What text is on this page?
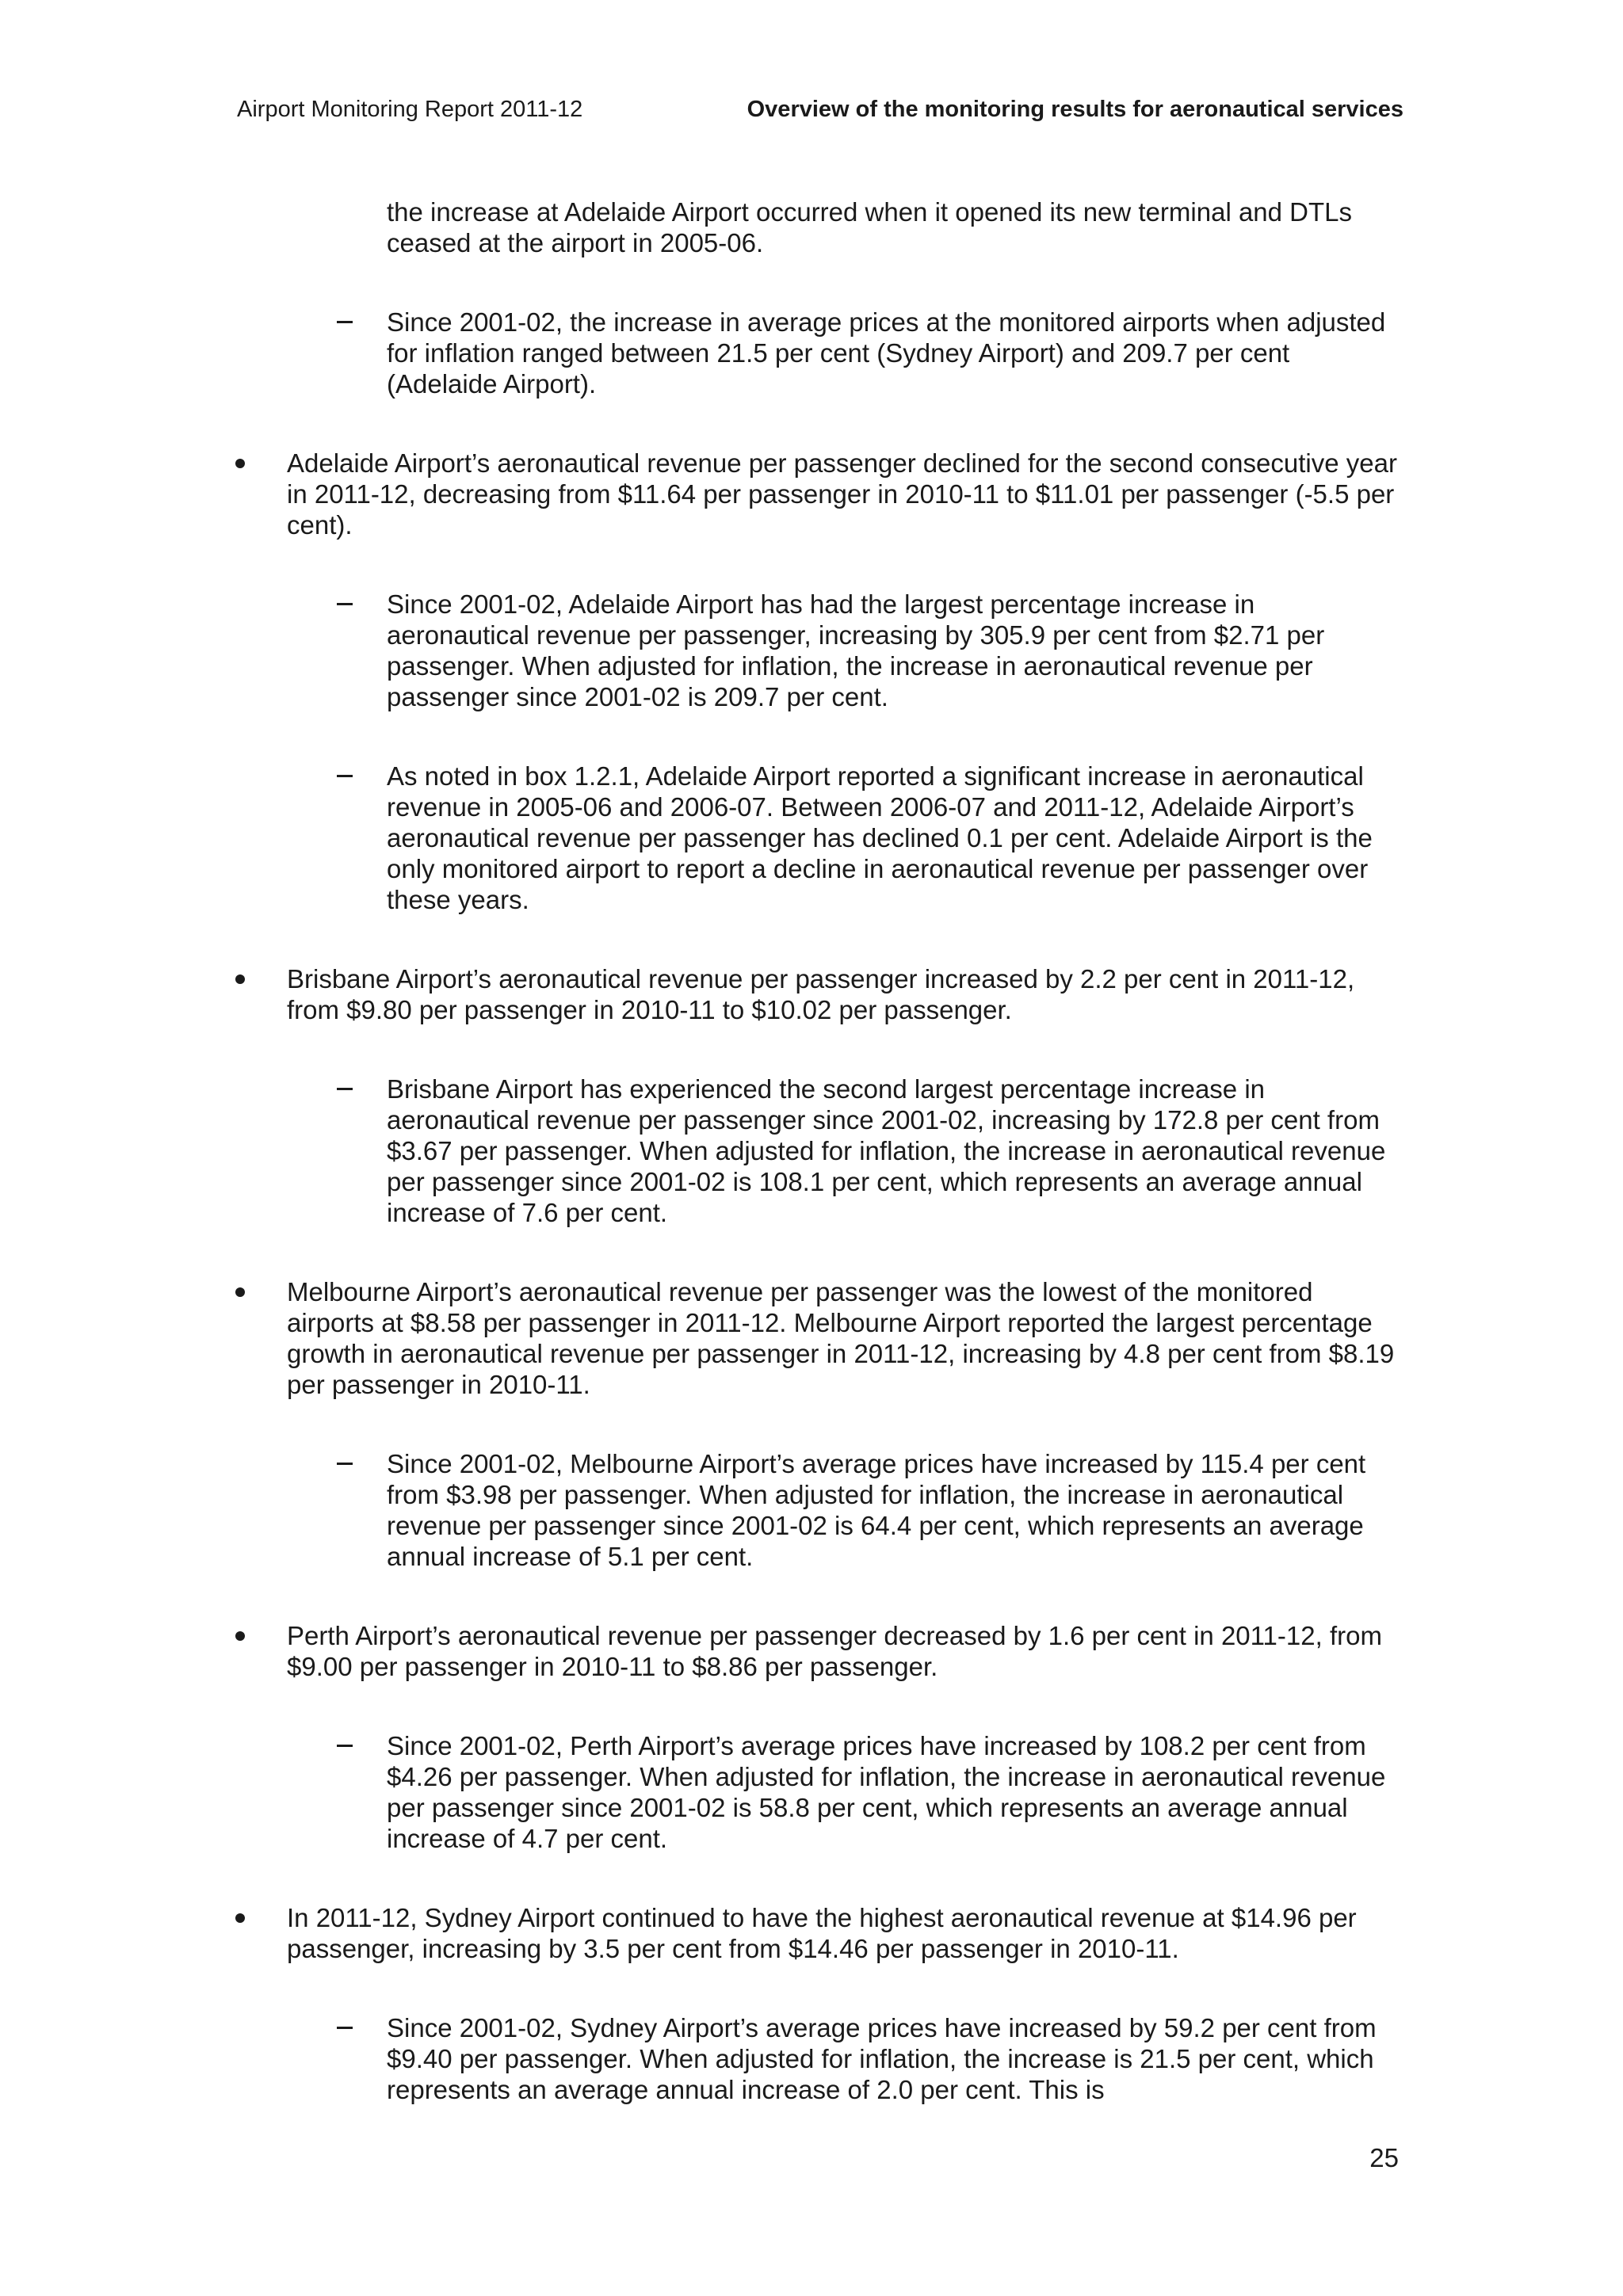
Airport Monitoring Report 2011-12	Overview of the monitoring results for aeronautical services

the increase at Adelaide Airport occurred when it opened its new terminal and DTLs ceased at the airport in 2005-06.

Since 2001-02, the increase in average prices at the monitored airports when adjusted for inflation ranged between 21.5 per cent (Sydney Airport) and 209.7 per cent (Adelaide Airport).

Adelaide Airport’s aeronautical revenue per passenger declined for the second consecutive year in 2011-12, decreasing from $11.64 per passenger in 2010-11 to $11.01 per passenger (-5.5 per cent).

Since 2001-02, Adelaide Airport has had the largest percentage increase in aeronautical revenue per passenger, increasing by 305.9 per cent from $2.71 per passenger. When adjusted for inflation, the increase in aeronautical revenue per passenger since 2001-02 is 209.7 per cent.

As noted in box 1.2.1, Adelaide Airport reported a significant increase in aeronautical revenue in 2005-06 and 2006-07. Between 2006-07 and 2011-12, Adelaide Airport’s aeronautical revenue per passenger has declined 0.1 per cent. Adelaide Airport is the only monitored airport to report a decline in aeronautical revenue per passenger over these years.

Brisbane Airport’s aeronautical revenue per passenger increased by 2.2 per cent in 2011-12, from $9.80 per passenger in 2010-11 to $10.02 per passenger.

Brisbane Airport has experienced the second largest percentage increase in aeronautical revenue per passenger since 2001-02, increasing by 172.8 per cent from $3.67 per passenger. When adjusted for inflation, the increase in aeronautical revenue per passenger since 2001-02 is 108.1 per cent, which represents an average annual increase of 7.6 per cent.

Melbourne Airport’s aeronautical revenue per passenger was the lowest of the monitored airports at $8.58 per passenger in 2011-12. Melbourne Airport reported the largest percentage growth in aeronautical revenue per passenger in 2011-12, increasing by 4.8 per cent from $8.19 per passenger in 2010-11.

Since 2001-02, Melbourne Airport’s average prices have increased by 115.4 per cent from $3.98 per passenger. When adjusted for inflation, the increase in aeronautical revenue per passenger since 2001-02 is 64.4 per cent, which represents an average annual increase of 5.1 per cent.

Perth Airport’s aeronautical revenue per passenger decreased by 1.6 per cent in 2011-12, from $9.00 per passenger in 2010-11 to $8.86 per passenger.

Since 2001-02, Perth Airport’s average prices have increased by 108.2 per cent from $4.26 per passenger. When adjusted for inflation, the increase in aeronautical revenue per passenger since 2001-02 is 58.8 per cent, which represents an average annual increase of 4.7 per cent.

In 2011-12, Sydney Airport continued to have the highest aeronautical revenue at $14.96 per passenger, increasing by 3.5 per cent from $14.46 per passenger in 2010-11.

Since 2001-02, Sydney Airport’s average prices have increased by 59.2 per cent from $9.40 per passenger. When adjusted for inflation, the increase is 21.5 per cent, which represents an average annual increase of 2.0 per cent. This is

25
